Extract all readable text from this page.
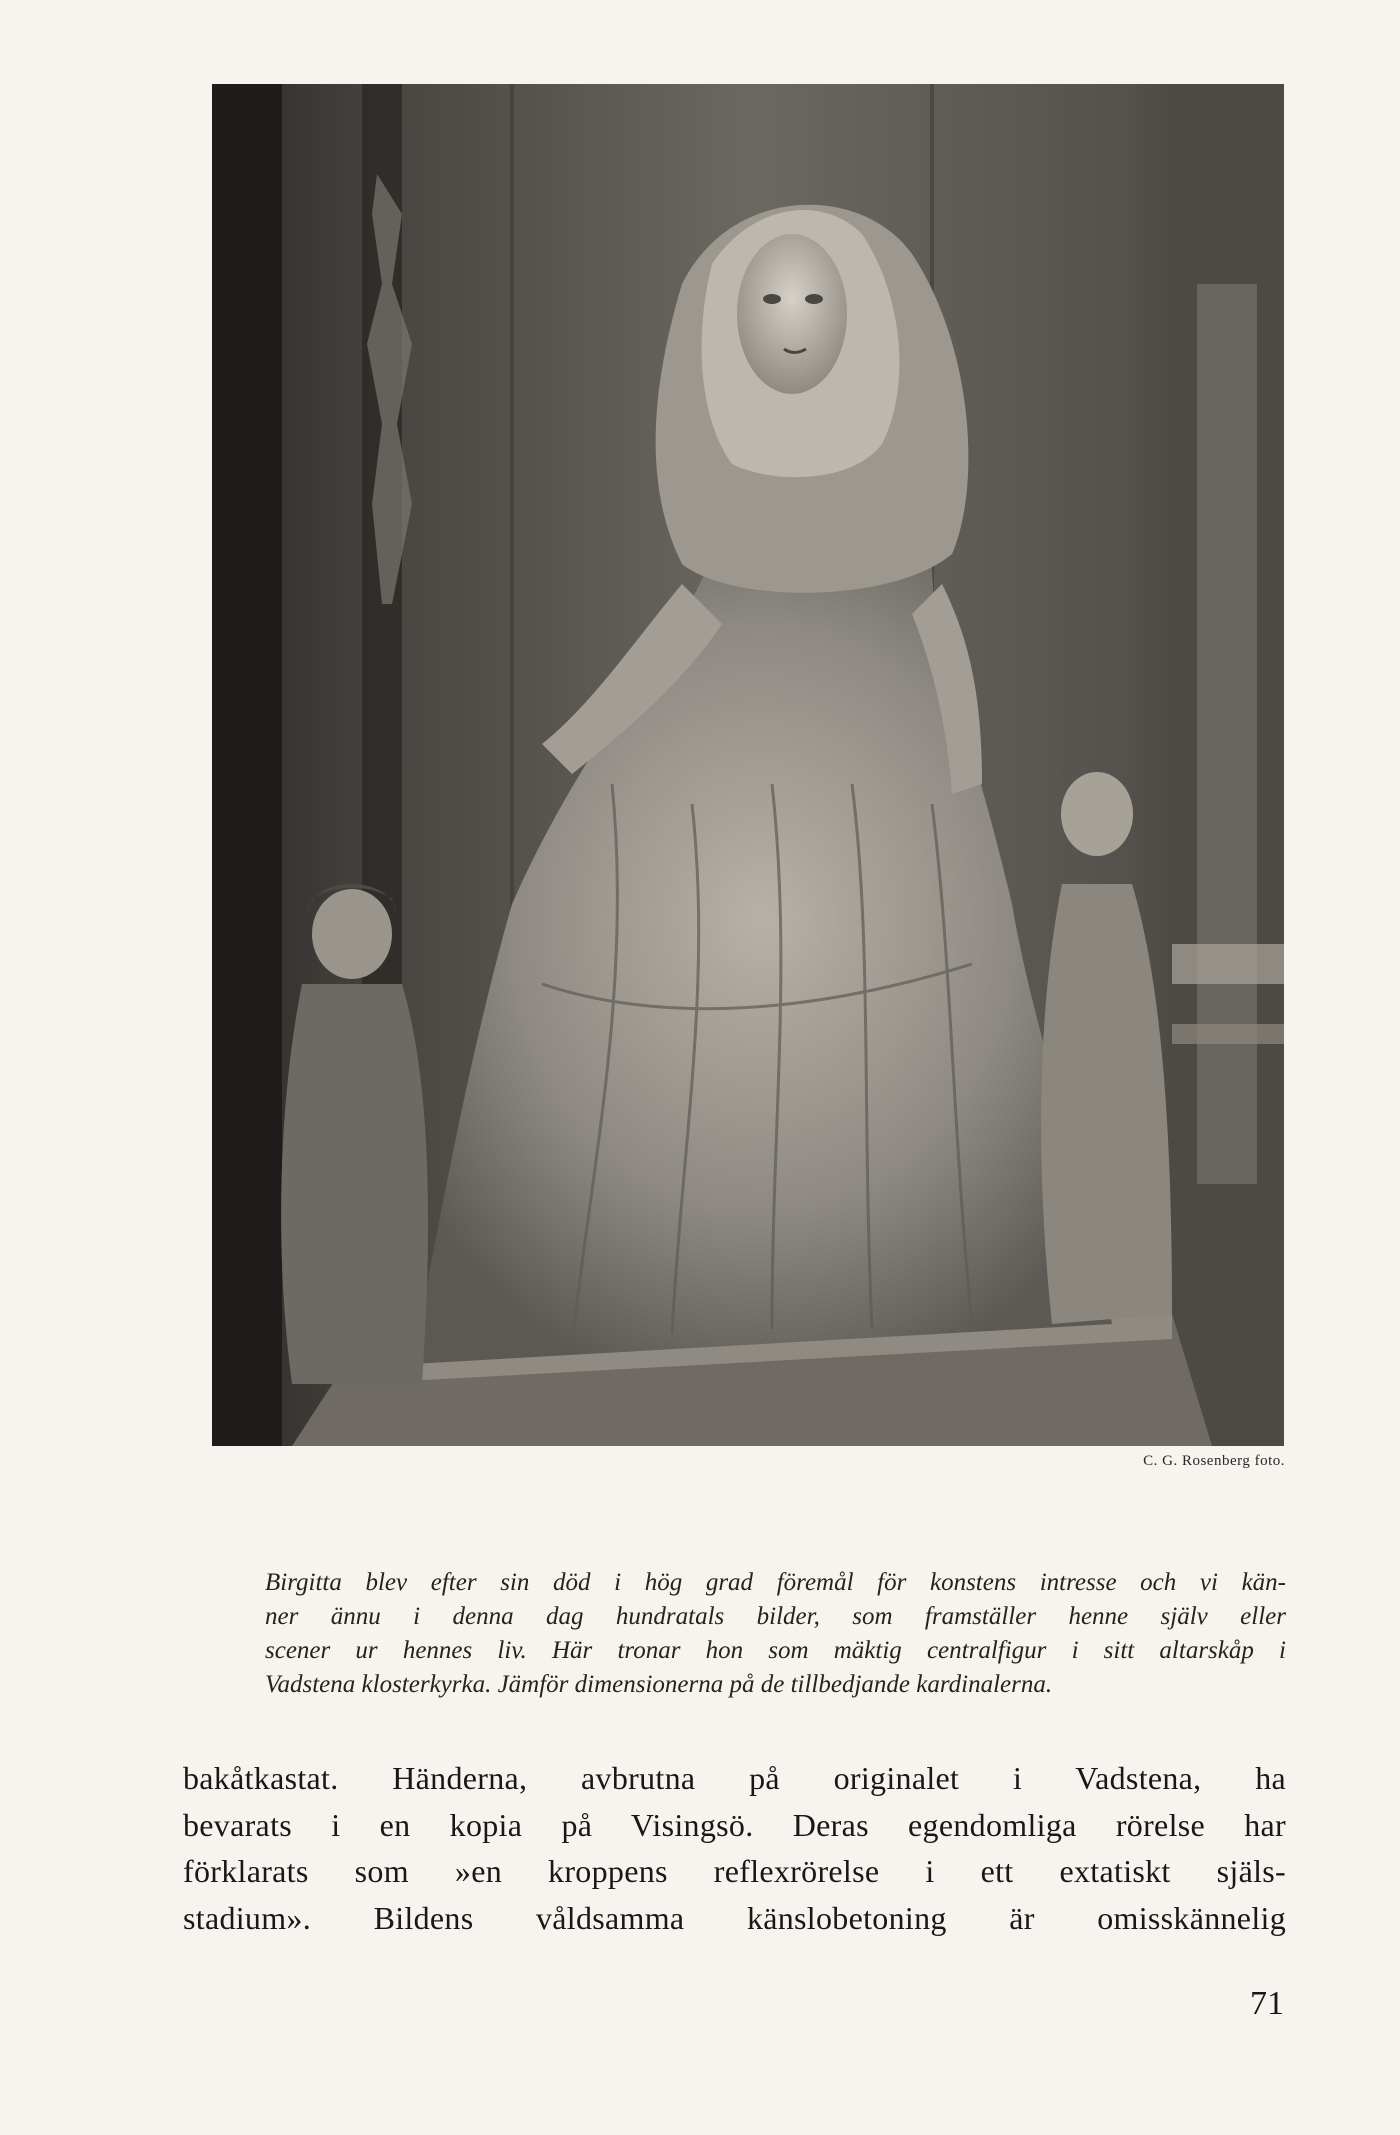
C. G. Rosenberg foto.
Birgitta blev efter sin död i hög grad föremål för konstens intresse och vi kän-
ner ännu i denna dag hundratals bilder, som framställer henne själv eller
scener ur hennes liv. Här tronar hon som mäktig centralfigur i sitt altarskåp i
Vadstena klosterkyrka. Jämför dimensionerna på de tillbedjande kardinalerna.
bakåtkastat. Händerna, avbrutna på originalet i Vadstena, ha
bevarats i en kopia på Visingsö. Deras egendomliga rörelse har
förklarats som »en kroppens reflexrörelse i ett extatiskt själs-
stadium». Bildens våldsamma känslobetoning är omisskännelig
71
